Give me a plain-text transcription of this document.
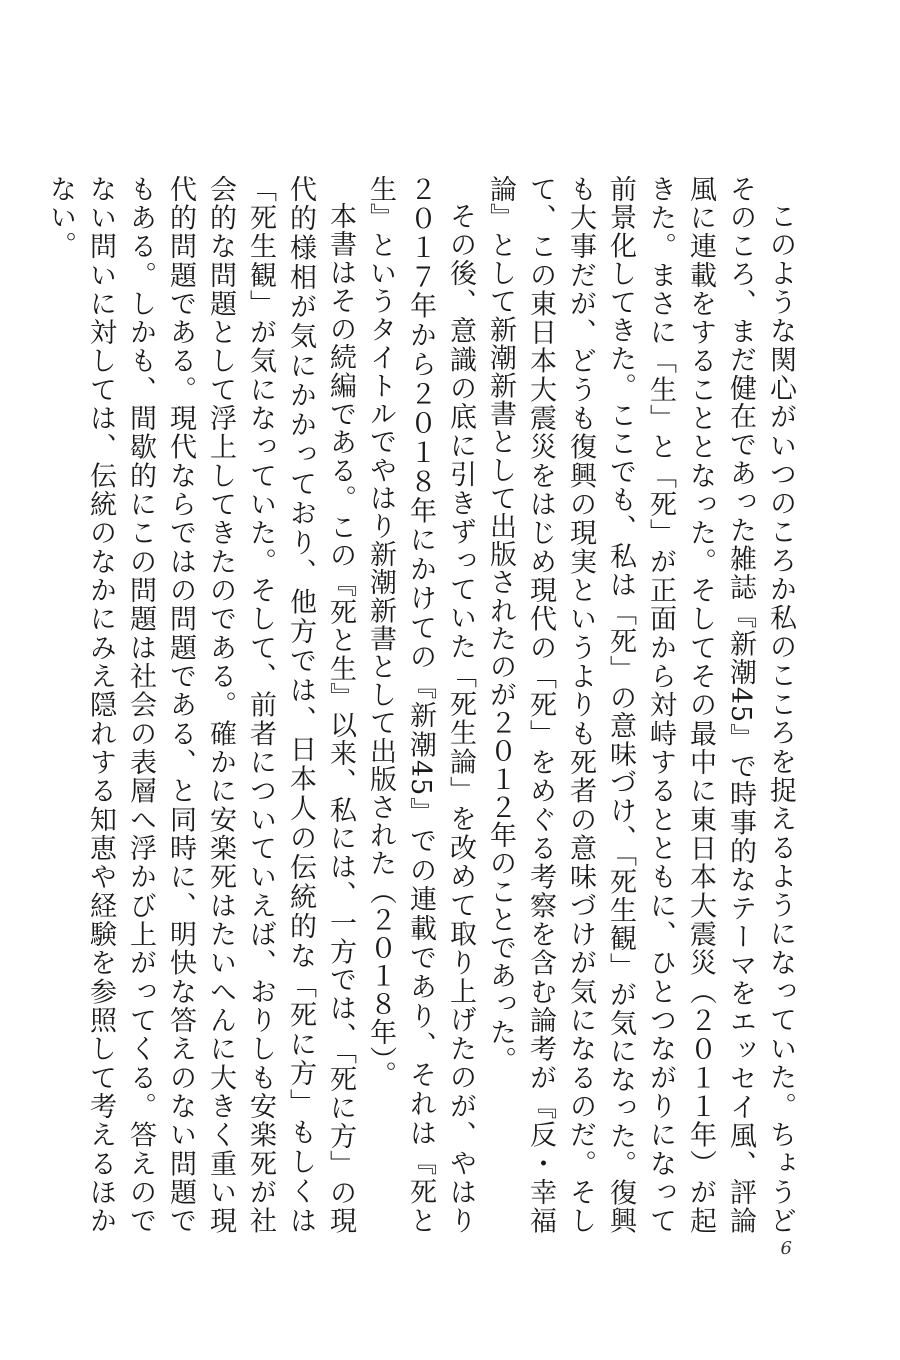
このような関心がいつのころか私のこころを捉えるようになっていた。ちょうどそのころ、まだ健在であった雑誌『新潮45』で時事的なテーマをエッセイ風、評論風に連載をすることとなった。そしてその最中に東日本大震災（２０１１年）が起きた。まさに「生」と「死」が正面から対峙するとともに、ひとつながりになって前景化してきた。ここでも、私は「死」の意味づけ、「死生観」が気になった。復興も大事だが、どうも復興の現実というよりも死者の意味づけが気になるのだ。そして、この東日本大震災をはじめ現代の「死」をめぐる考察を含む論考が『反・幸福論』として新潮新書として出版されたのが２０１２年のことであった。

その後、意識の底に引きずっていた「死生論」を改めて取り上げたのが、やはり２０１７年から２０１８年にかけての『新潮45』での連載であり、それは『死と生』というタイトルでやはり新潮新書として出版された（２０１８年）。

本書はその続編である。この『死と生』以来、私には、一方では、「死に方」の現代的様相が気にかかっており、他方では、日本人の伝統的な「死に方」もしくは「死生観」が気になっていた。そして、前者についていえば、おりしも安楽死が社会的な問題として浮上してきたのである。確かに安楽死はたいへんに大きく重い現代的問題である。現代ならではの問題である、と同時に、明快な答えのない問題でもある。しかも、間歇的にこの問題は社会の表層へ浮かび上がってくる。答えのでない問いに対しては、伝統のなかにみえ隠れする知恵や経験を参照して考えるほかない。

6
